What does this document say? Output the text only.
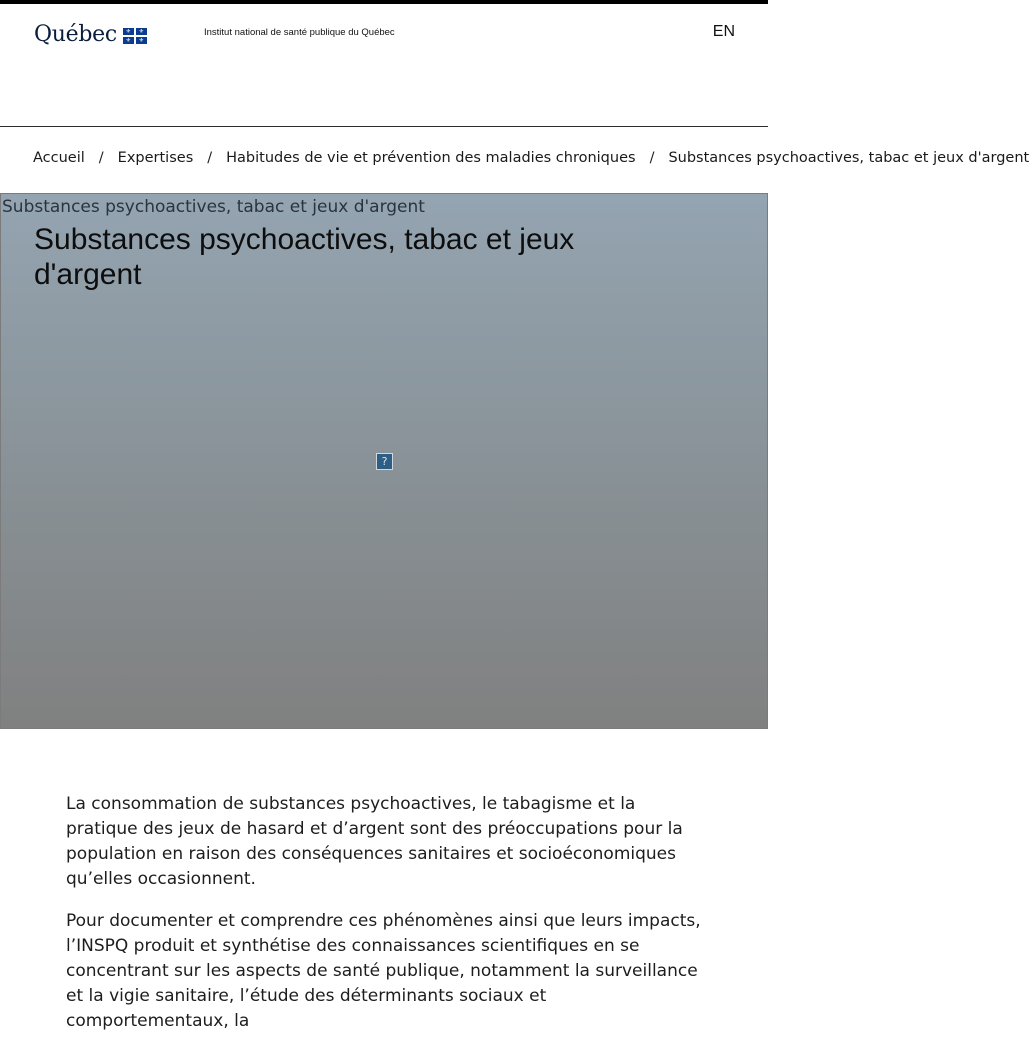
Québec	⚜	⚜
⚜	⚜
Institut national de santé publique du Québec	EN
Accueil / Expertises / Habitudes de vie et prévention des maladies chroniques / Substances psychoactives, tabac et jeux d'argent
Substances psychoactives, tabac et jeux d'argent
Substances psychoactives, tabac et jeux d'argent
?

La consommation de substances psychoactives, le tabagisme et la pratique des jeux de hasard et d’argent sont des préoccupations pour la population en raison des conséquences sanitaires et socioéconomiques qu’elles occasionnent.

Pour documenter et comprendre ces phénomènes ainsi que leurs impacts, l’INSPQ produit et synthétise des connaissances scientifiques en se concentrant sur les aspects de santé publique, notamment la surveillance et la vigie sanitaire, l’étude des déterminants sociaux et comportementaux, la
